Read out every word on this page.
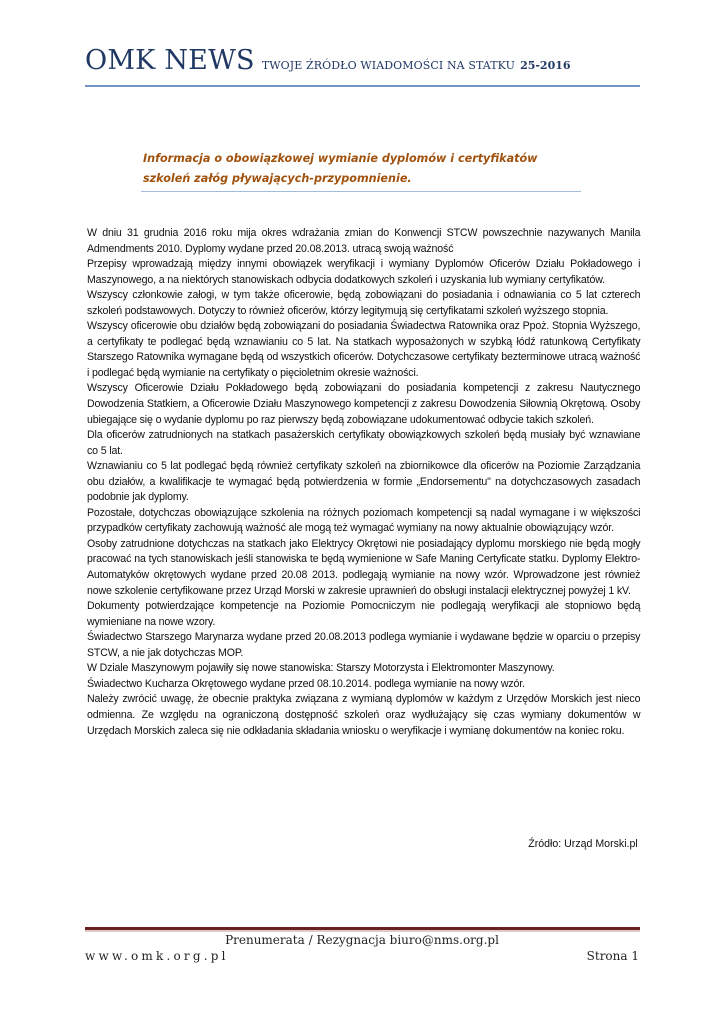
OMK NEWS TWOJE ŹRÓDŁO WIADOMOŚCI NA STATKU 25-2016
Informacja o obowiązkowej wymianie dyplomów i certyfikatów szkoleń załóg pływających-przypomnienie.

W dniu 31 grudnia 2016 roku mija okres wdrażania zmian do Konwencji STCW powszechnie nazywanych Manila Admendments 2010. Dyplomy wydane przed 20.08.2013. utracą swoją ważność

Przepisy wprowadzają między innymi obowiązek weryfikacji i wymiany Dyplomów Oficerów Działu Pokładowego i Maszynowego, a na niektórych stanowiskach odbycia dodatkowych szkoleń i uzyskania lub wymiany certyfikatów.

Wszyscy członkowie załogi, w tym także oficerowie, będą zobowiązani do posiadania i odnawiania co 5 lat czterech szkoleń podstawowych. Dotyczy to również oficerów, którzy legitymują się certyfikatami szkoleń wyższego stopnia.

Wszyscy oficerowie obu działów będą zobowiązani do posiadania Świadectwa Ratownika oraz Ppoż. Stopnia Wyższego, a certyfikaty te podlegać będą wznawianiu co 5 lat. Na statkach wyposażonych w szybką łódź ratunkową Certyfikaty Starszego Ratownika wymagane będą od wszystkich oficerów. Dotychczasowe certyfikaty bezterminowe utracą ważność i podlegać będą wymianie na certyfikaty o pięcioletnim okresie ważności.

Wszyscy Oficerowie Działu Pokładowego będą zobowiązani do posiadania kompetencji z zakresu Nautycznego Dowodzenia Statkiem, a Oficerowie Działu Maszynowego kompetencji z zakresu Dowodzenia Siłownią Okrętową. Osoby ubiegające się o wydanie dyplomu po raz pierwszy będą zobowiązane udokumentować odbycie takich szkoleń.

Dla oficerów zatrudnionych na statkach pasażerskich certyfikaty obowiązkowych szkoleń będą musiały być wznawiane co 5 lat.

Wznawianiu co 5 lat podlegać będą również certyfikaty szkoleń na zbiornikowce dla oficerów na Poziomie Zarządzania obu działów, a kwalifikacje te wymagać będą potwierdzenia w formie „Endorsementu" na dotychczasowych zasadach podobnie jak dyplomy.

Pozostałe, dotychczas obowiązujące szkolenia na różnych poziomach kompetencji są nadal wymagane i w większości przypadków certyfikaty zachowują ważność ale mogą też wymagać wymiany na nowy aktualnie obowiązujący wzór.

Osoby zatrudnione dotychczas na statkach jako Elektrycy Okrętowi nie posiadający dyplomu morskiego nie będą mogły pracować na tych stanowiskach jeśli stanowiska te będą wymienione w Safe Maning Certyficate statku. Dyplomy Elektro-Automatyków okrętowych wydane przed 20.08 2013. podlegają wymianie na nowy wzór. Wprowadzone jest również nowe szkolenie certyfikowane przez Urząd Morski w zakresie uprawnień do obsługi instalacji elektrycznej powyżej 1 kV.

Dokumenty potwierdzające kompetencje na Poziomie Pomocniczym nie podlegają weryfikacji ale stopniowo będą wymieniane na nowe wzory.

Świadectwo Starszego Marynarza wydane przed 20.08.2013 podlega wymianie i wydawane będzie w oparciu o przepisy STCW, a nie jak dotychczas MOP.

W Dziale Maszynowym pojawiły się nowe stanowiska: Starszy Motorzysta i Elektromonter Maszynowy.

Świadectwo Kucharza Okrętowego wydane przed 08.10.2014. podlega wymianie na nowy wzór.

Należy zwrócić uwagę, że obecnie praktyka związana z wymianą dyplomów w każdym z Urzędów Morskich jest nieco odmienna. Ze względu na ograniczoną dostępność szkoleń oraz wydłużający się czas wymiany dokumentów w Urzędach Morskich zaleca się nie odkładania składania wniosku o weryfikacje i wymianę dokumentów na koniec roku.

Źródło: Urząd Morski.pl
Prenumerata / Rezygnacja biuro@nms.org.pl
www.omk.org.pl	Strona 1
